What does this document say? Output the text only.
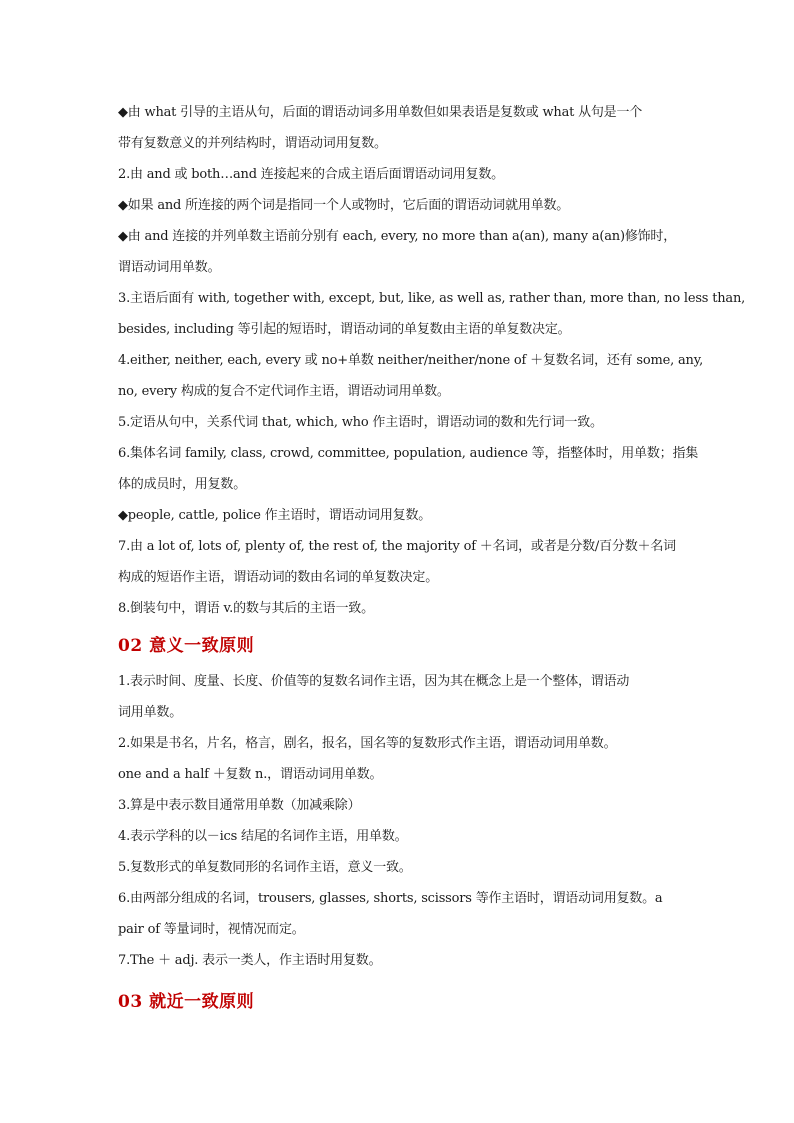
◆由 what 引导的主语从句，后面的谓语动词多用单数但如果表语是复数或 what 从句是一个
带有复数意义的并列结构时，谓语动词用复数。
2.由 and 或 both…and 连接起来的合成主语后面谓语动词用复数。
◆如果 and 所连接的两个词是指同一个人或物时，它后面的谓语动词就用单数。
◆由 and 连接的并列单数主语前分别有 each, every, no more than a(an), many a(an)修饰时，
谓语动词用单数。
3.主语后面有 with, together with, except, but, like, as well as, rather than, more than, no less than,
besides, including 等引起的短语时，谓语动词的单复数由主语的单复数决定。
4.either, neither, each, every 或 no+单数 neither/neither/none of ＋复数名词，还有 some, any,
no, every 构成的复合不定代词作主语，谓语动词用单数。
5.定语从句中，关系代词 that, which, who 作主语时，谓语动词的数和先行词一致。
6.集体名词 family, class, crowd, committee, population, audience 等，指整体时，用单数；指集
体的成员时，用复数。
◆people, cattle, police 作主语时，谓语动词用复数。
7.由 a lot of, lots of, plenty of, the rest of, the majority of ＋名词，或者是分数/百分数＋名词
构成的短语作主语，谓语动词的数由名词的单复数决定。
8.倒装句中，谓语 v.的数与其后的主语一致。
02 意义一致原则
1.表示时间、度量、长度、价值等的复数名词作主语，因为其在概念上是一个整体，谓语动
词用单数。
2.如果是书名，片名，格言，剧名，报名，国名等的复数形式作主语，谓语动词用单数。
one and a half ＋复数 n.，谓语动词用单数。
3.算是中表示数目通常用单数（加减乘除）
4.表示学科的以－ics 结尾的名词作主语，用单数。
5.复数形式的单复数同形的名词作主语，意义一致。
6.由两部分组成的名词，trousers, glasses, shorts, scissors 等作主语时，谓语动词用复数。a
pair of 等量词时，视情况而定。
7.The ＋ adj. 表示一类人，作主语时用复数。
03 就近一致原则
